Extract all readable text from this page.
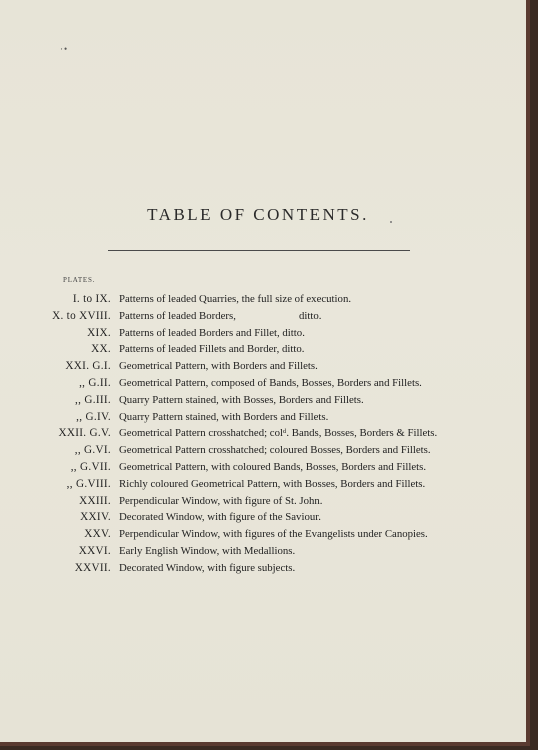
·•
TABLE OF CONTENTS.
PLATES.
I. to IX. Patterns of leaded Quarries, the full size of execution.
X. to XVIII. Patterns of leaded Borders,	ditto.
XIX. Patterns of leaded Borders and Fillet, ditto.
XX. Patterns of leaded Fillets and Border, ditto.
XXI. G.I. Geometrical Pattern, with Borders and Fillets.
,, G.II. Geometrical Pattern, composed of Bands, Bosses, Borders and Fillets.
,, G.III. Quarry Pattern stained, with Bosses, Borders and Fillets.
,, G.IV. Quarry Pattern stained, with Borders and Fillets.
XXII. G.V. Geometrical Pattern crosshatched; colᵈ. Bands, Bosses, Borders & Fillets.
,, G.VI. Geometrical Pattern crosshatched; coloured Bosses, Borders and Fillets.
,, G.VII. Geometrical Pattern, with coloured Bands, Bosses, Borders and Fillets.
,, G.VIII. Richly coloured Geometrical Pattern, with Bosses, Borders and Fillets.
XXIII. Perpendicular Window, with figure of St. John.
XXIV. Decorated Window, with figure of the Saviour.
XXV. Perpendicular Window, with figures of the Evangelists under Canopies.
XXVI. Early English Window, with Medallions.
XXVII. Decorated Window, with figure subjects.
